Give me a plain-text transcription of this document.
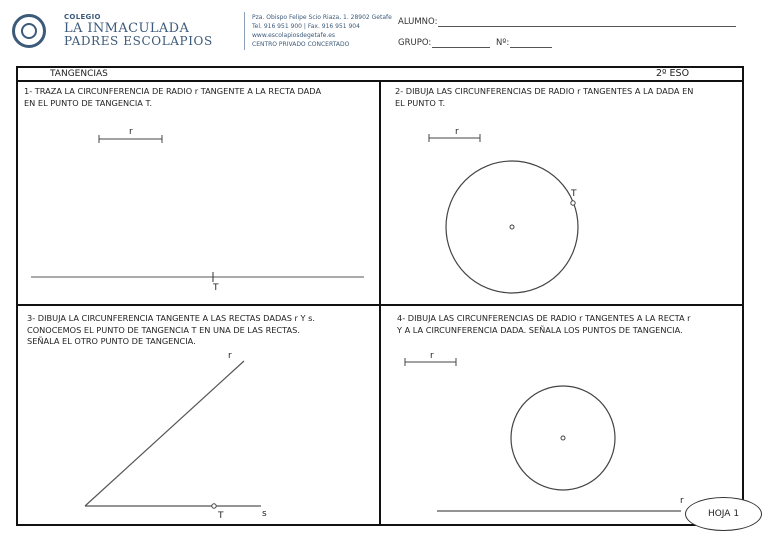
COLEGIO
LA INMACULADA
PADRES ESCOLAPIOS
Pza. Obispo Felipe Scio Riaza, 1. 28902 Getafe
Tel. 916 951 900 | Fax. 916 951 904
www.escolapiosdegetafe.es
CENTRO PRIVADO CONCERTADO
ALUMNO:
GRUPO:	Nº:
TANGENCIAS	2º ESO
1- TRAZA LA CIRCUNFERENCIA DE RADIO r TANGENTE A LA RECTA DADA
EN EL PUNTO DE TANGENCIA T.
2- DIBUJA LAS CIRCUNFERENCIAS DE RADIO r TANGENTES A LA DADA EN
EL PUNTO T.
3- DIBUJA LA CIRCUNFERENCIA TANGENTE A LAS RECTAS DADAS r Y s.
CONOCEMOS EL PUNTO DE TANGENCIA T EN UNA DE LAS RECTAS.
SEÑALA EL OTRO PUNTO DE TANGENCIA.
4- DIBUJA LAS CIRCUNFERENCIAS DE RADIO r TANGENTES A LA RECTA r
Y A LA CIRCUNFERENCIA DADA. SEÑALA LOS PUNTOS DE TANGENCIA.
r
T
r
T
r
s
T
r
r
HOJA 1
